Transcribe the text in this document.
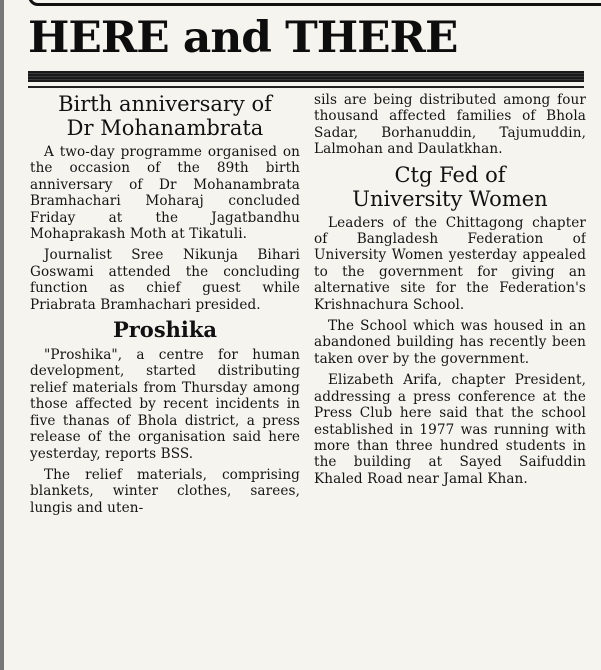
HERE and THERE
Birth anniversary of
Dr Mohanambrata

A two-day programme organised on the occasion of the 89th birth anniversary of Dr Mohanambrata Bramhachari Moharaj concluded Friday at the Jagatbandhu Mohaprakash Moth at Tikatuli.

Journalist Sree Nikunja Bihari Goswami attended the concluding function as chief guest while Priabrata Bramhachari presided.

Proshika

"Proshika", a centre for human development, started distributing relief materials from Thursday among those affected by recent incidents in five thanas of Bhola district, a press release of the organisation said here yesterday, reports BSS.

The relief materials, comprising blankets, winter clothes, sarees, lungis and uten-

sils are being distributed among four thousand affected families of Bhola Sadar, Borhanuddin, Tajumuddin, Lalmohan and Daulatkhan.

Ctg Fed of
University Women

Leaders of the Chittagong chapter of Bangladesh Federation of University Women yesterday appealed to the government for giving an alternative site for the Federation's Krishnachura School.

The School which was housed in an abandoned building has recently been taken over by the government.

Elizabeth Arifa, chapter President, addressing a press conference at the Press Club here said that the school established in 1977 was running with more than three hundred students in the building at Sayed Saifuddin Khaled Road near Jamal Khan.
